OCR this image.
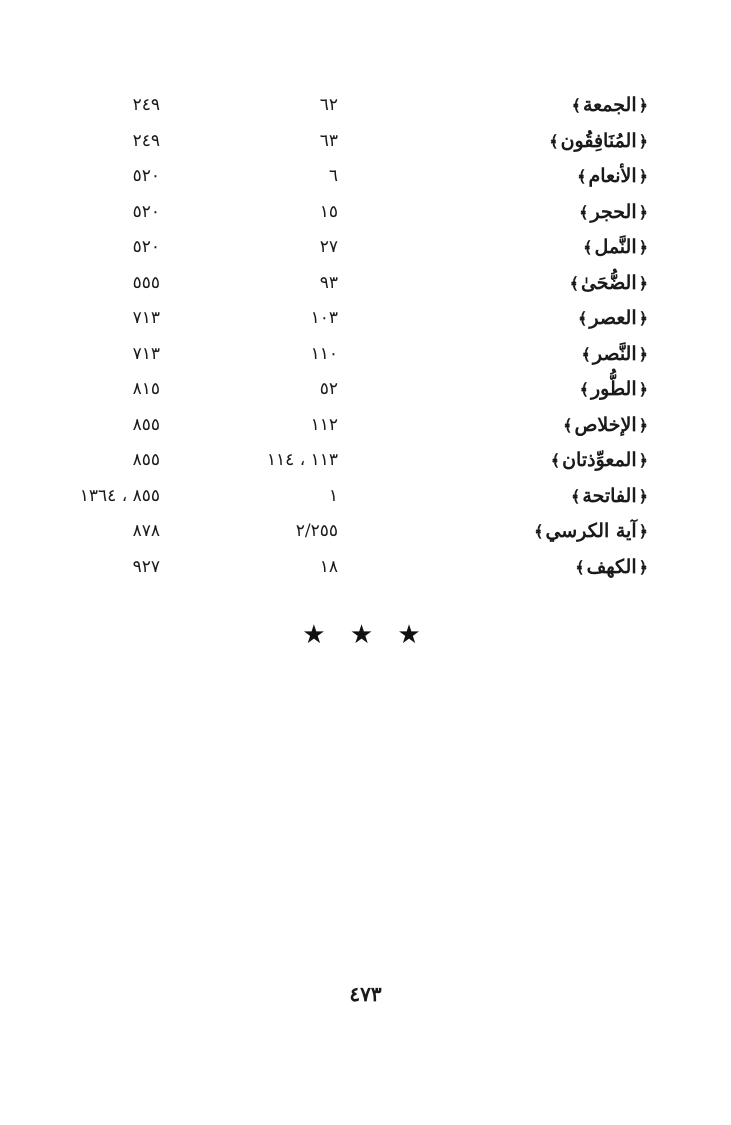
﴿الجمعة﴾
٦٢
٢٤٩
﴿المُنَافِقُون﴾
٦٣
٢٤٩
﴿الأنعام﴾
٦
٥٢٠
﴿الحجر﴾
١٥
٥٢٠
﴿النَّمل﴾
٢٧
٥٢٠
﴿الضُّحَىٰ﴾
٩٣
٥٥٥
﴿العصر﴾
١٠٣
٧١٣
﴿النَّصر﴾
١١٠
٧١٣
﴿الطُّور﴾
٥٢
٨١٥
﴿الإخلاص﴾
١١٢
٨٥٥
﴿المعوِّذتان﴾
١١٣ ، ١١٤
٨٥٥
﴿الفاتحة﴾
١
٨٥٥ ، ١٣٦٤
﴿آية الكرسي﴾
٢/٢٥٥
٨٧٨
﴿الكهف﴾
١٨
٩٢٧
★ ★ ★
٤٧٣
